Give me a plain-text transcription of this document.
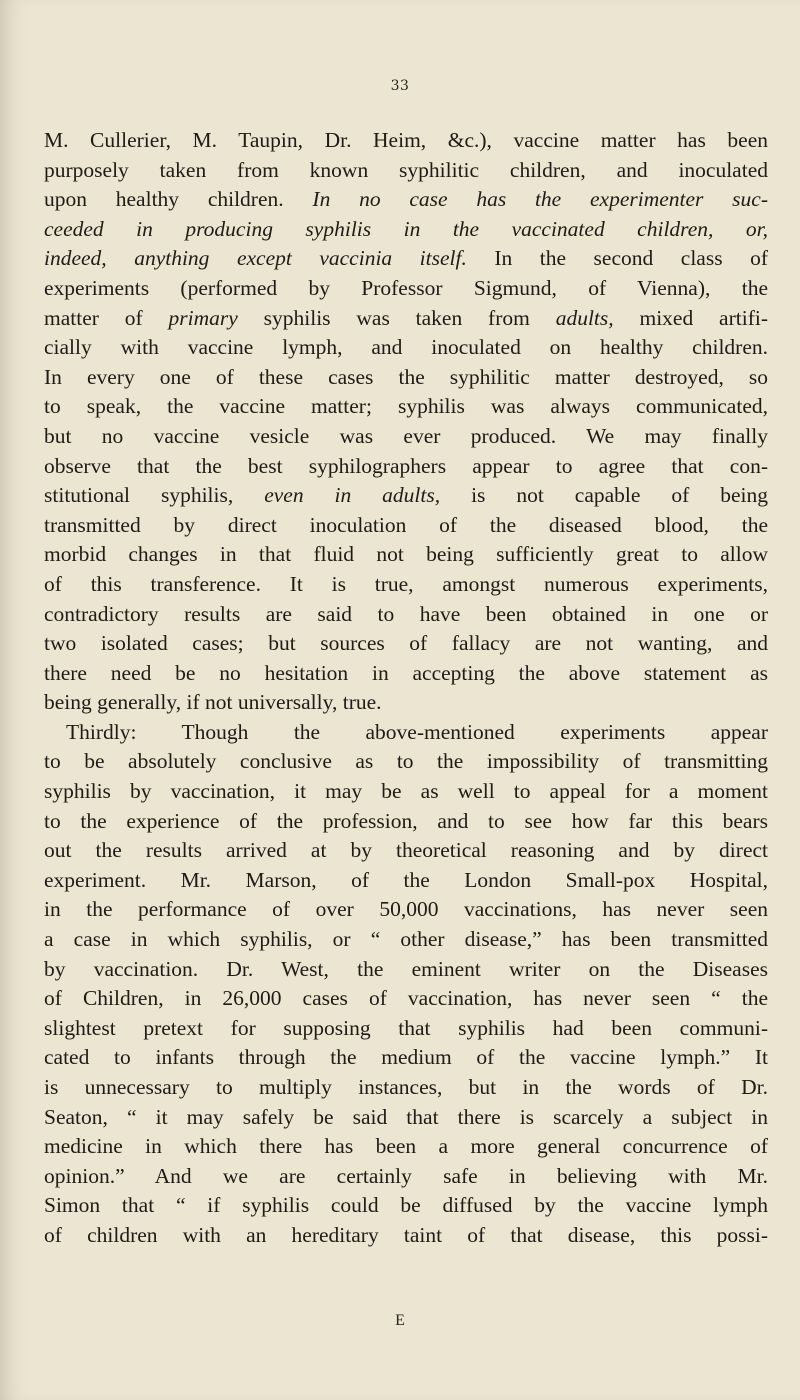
33
M. Cullerier, M. Taupin, Dr. Heim, &c.), vaccine matter has been
purposely taken from known syphilitic children, and inoculated
upon healthy children. In no case has the experimenter suc-
ceeded in producing syphilis in the vaccinated children, or,
indeed, anything except vaccinia itself. In the second class of
experiments (performed by Professor Sigmund, of Vienna), the
matter of primary syphilis was taken from adults, mixed artifi-
cially with vaccine lymph, and inoculated on healthy children.
In every one of these cases the syphilitic matter destroyed, so
to speak, the vaccine matter; syphilis was always communicated,
but no vaccine vesicle was ever produced. We may finally
observe that the best syphilographers appear to agree that con-
stitutional syphilis, even in adults, is not capable of being
transmitted by direct inoculation of the diseased blood, the
morbid changes in that fluid not being sufficiently great to allow
of this transference. It is true, amongst numerous experiments,
contradictory results are said to have been obtained in one or
two isolated cases; but sources of fallacy are not wanting, and
there need be no hesitation in accepting the above statement as
being generally, if not universally, true.
Thirdly: Though the above-mentioned experiments appear
to be absolutely conclusive as to the impossibility of transmitting
syphilis by vaccination, it may be as well to appeal for a moment
to the experience of the profession, and to see how far this bears
out the results arrived at by theoretical reasoning and by direct
experiment. Mr. Marson, of the London Small-pox Hospital,
in the performance of over 50,000 vaccinations, has never seen
a case in which syphilis, or “ other disease,” has been transmitted
by vaccination. Dr. West, the eminent writer on the Diseases
of Children, in 26,000 cases of vaccination, has never seen “ the
slightest pretext for supposing that syphilis had been communi-
cated to infants through the medium of the vaccine lymph.” It
is unnecessary to multiply instances, but in the words of Dr.
Seaton, “ it may safely be said that there is scarcely a subject in
medicine in which there has been a more general concurrence of
opinion.” And we are certainly safe in believing with Mr.
Simon that “ if syphilis could be diffused by the vaccine lymph
of children with an hereditary taint of that disease, this possi-
E
